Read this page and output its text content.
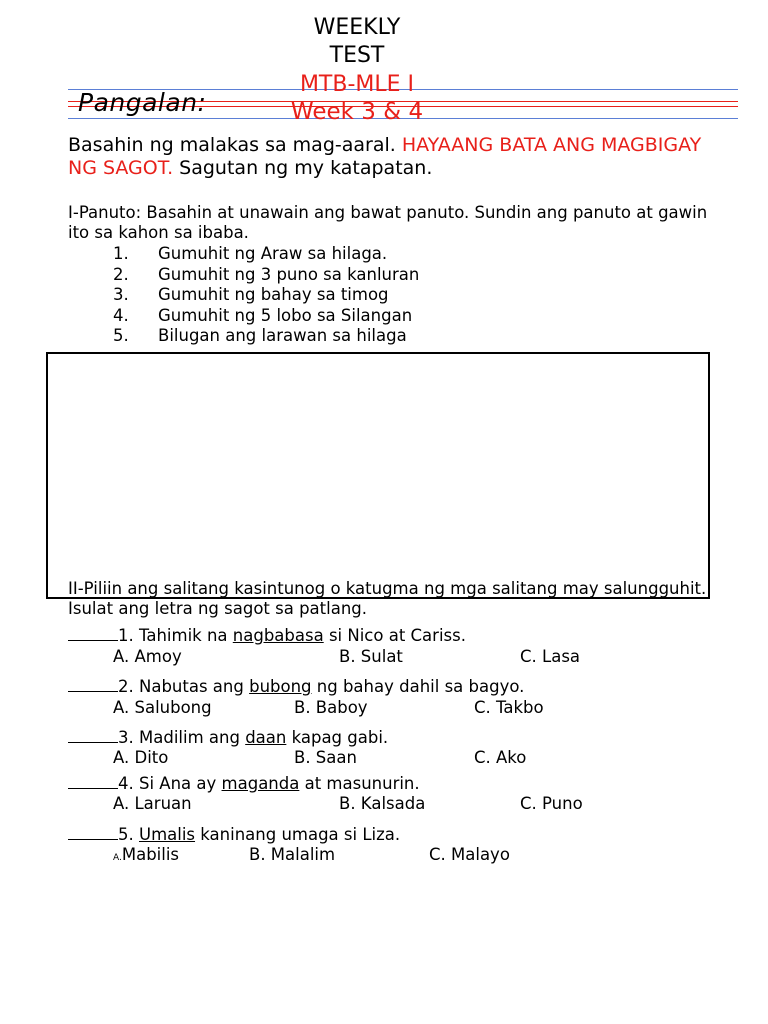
WEEKLY
TEST
MTB-MLE I
Week 3 & 4
Pangalan:
Basahin ng malakas sa mag-aaral. HAYAANG BATA ANG MAGBIGAY NG SAGOT. Sagutan ng my katapatan.
I-Panuto: Basahin at unawain ang bawat panuto. Sundin ang panuto at gawin ito sa kahon sa ibaba.
1. Gumuhit ng Araw sa hilaga.
2. Gumuhit ng 3 puno sa kanluran
3. Gumuhit ng bahay sa timog
4. Gumuhit ng 5 lobo sa Silangan
5. Bilugan ang larawan sa hilaga
II-Piliin ang salitang kasintunog o katugma ng mga salitang may salungguhit. Isulat ang letra ng sagot sa patlang.
1. Tahimik na nagbabasa si Nico at Cariss.
A. Amoy	B. Sulat	C. Lasa
2. Nabutas ang bubong ng bahay dahil sa bagyo.
A. Salubong	B. Baboy	C. Takbo
3. Madilim ang daan kapag gabi.
A. Dito	B. Saan	C. Ako
4. Si Ana ay maganda at masunurin.
A. Laruan	B. Kalsada	C. Puno
5. Umalis kaninang umaga si Liza.
A.Mabilis	B. Malalim	C. Malayo
